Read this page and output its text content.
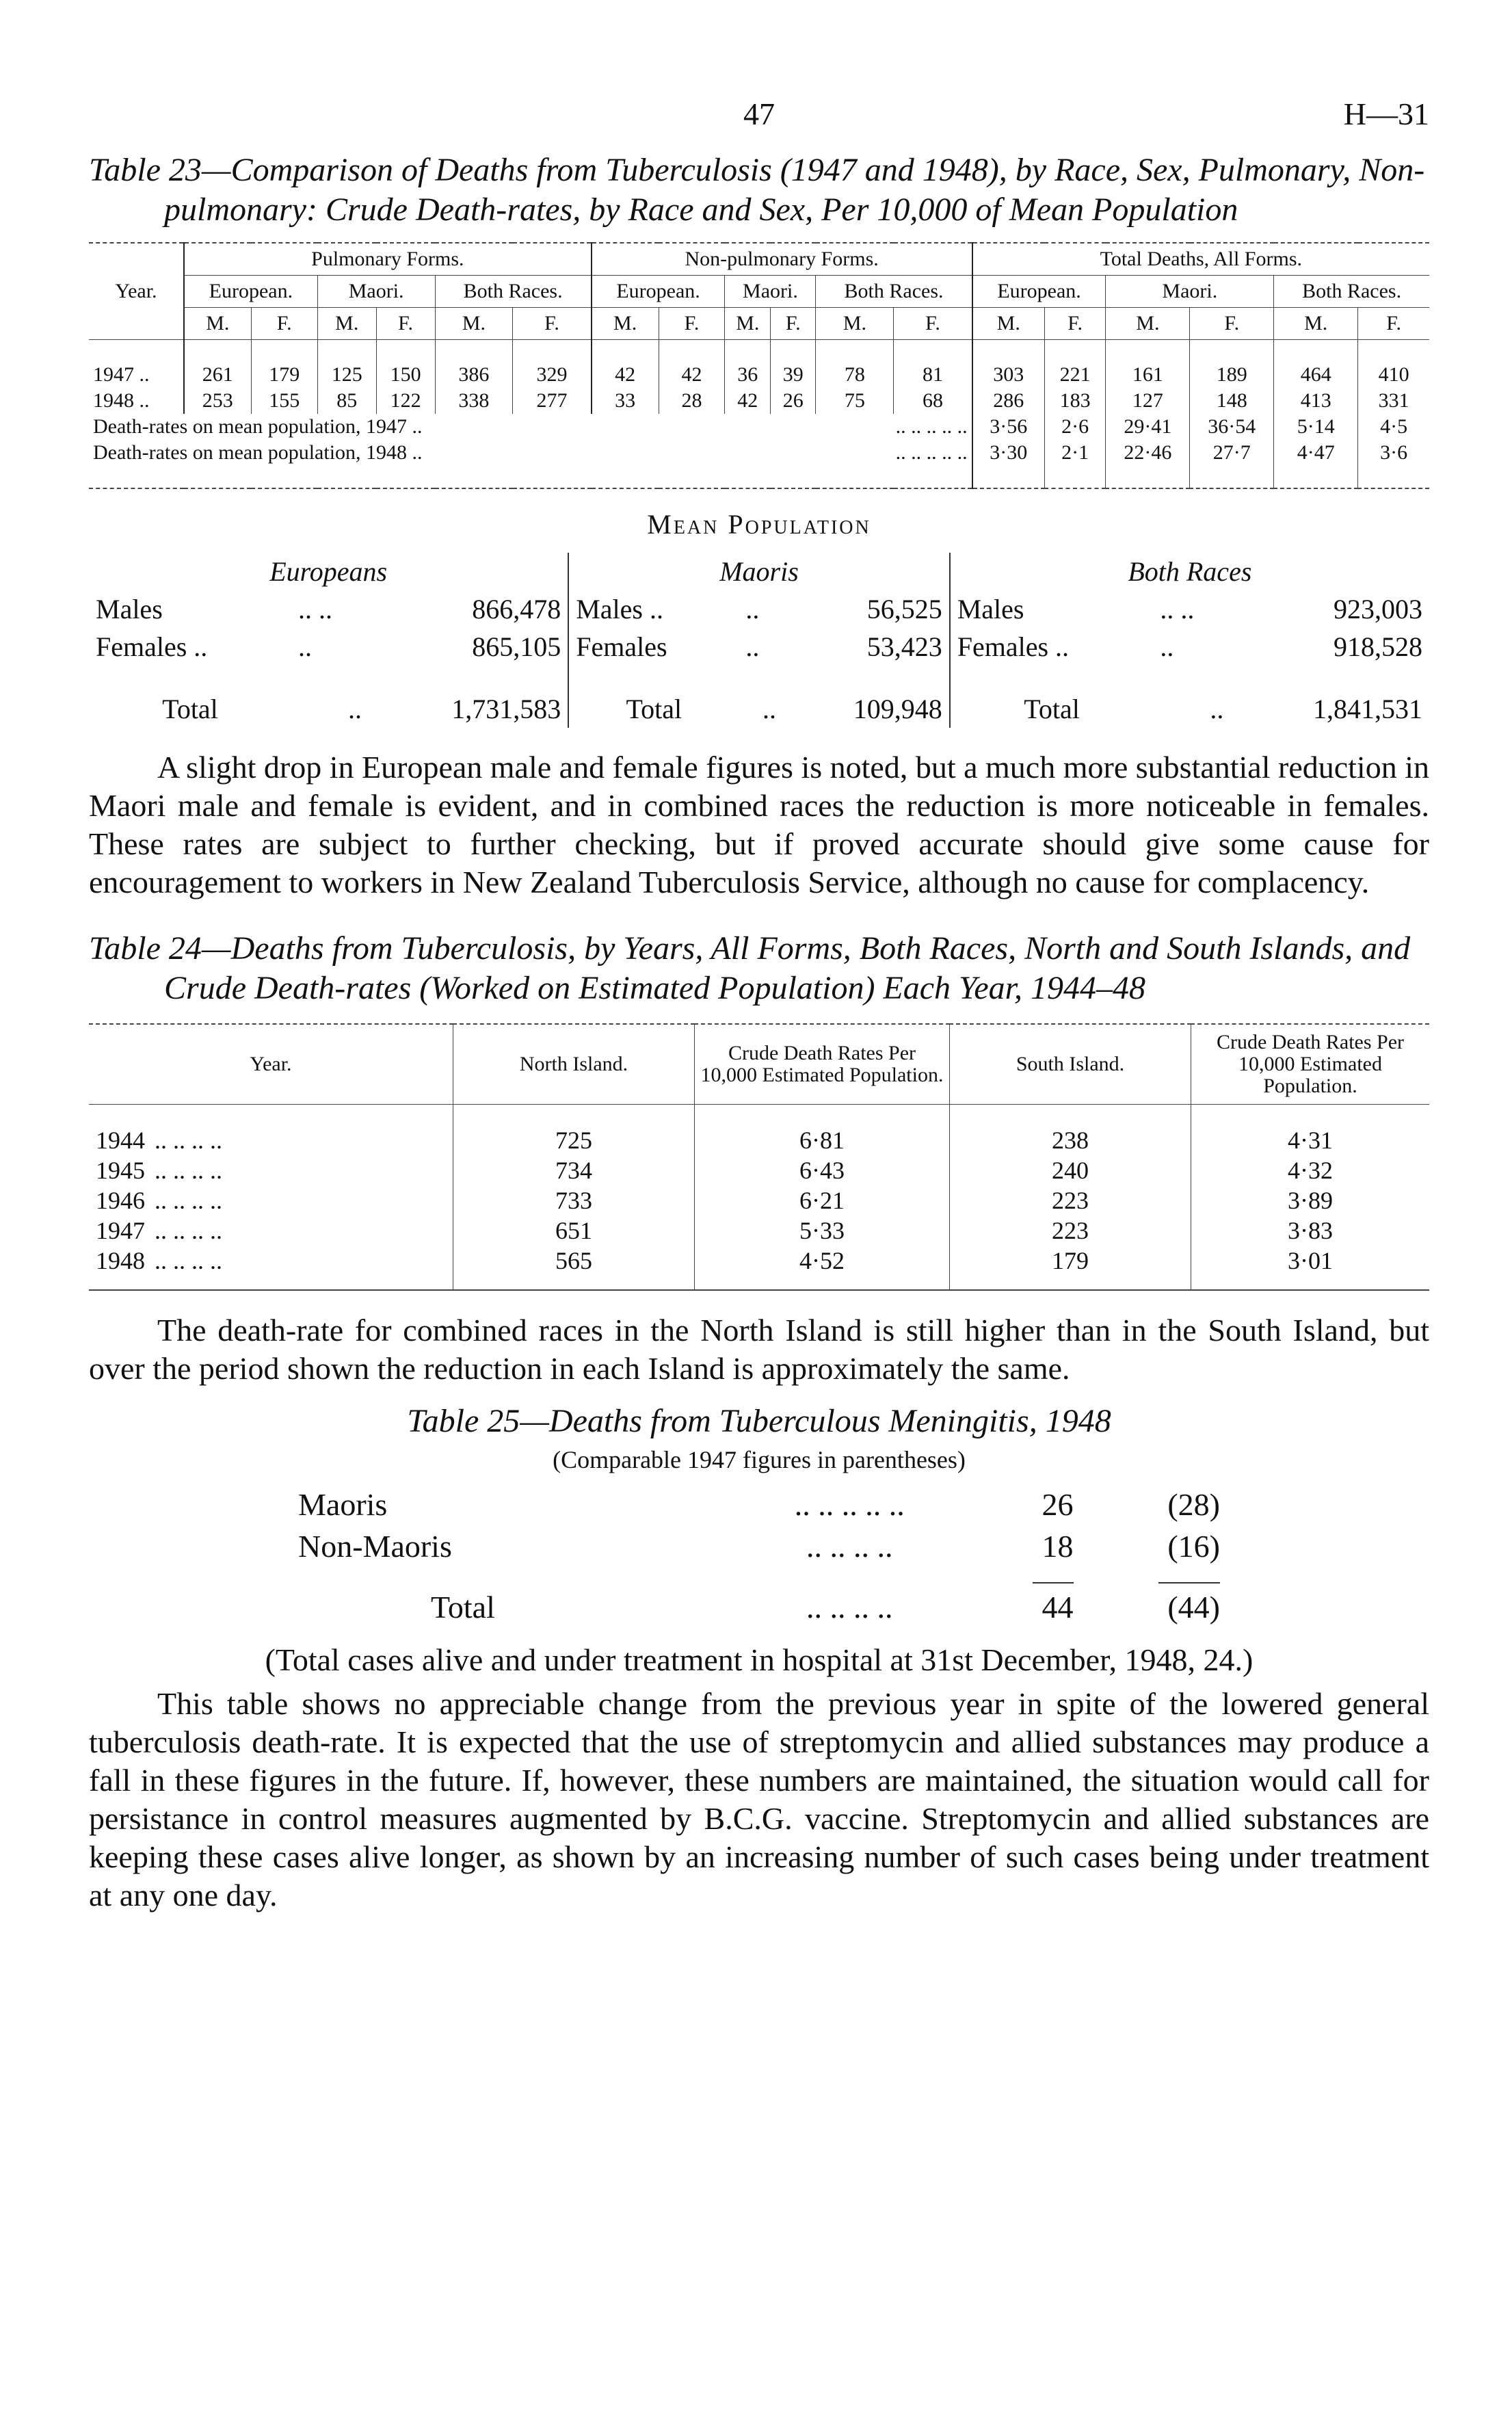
47	H—31
Table 23—Comparison of Deaths from Tuberculosis (1947 and 1948), by Race, Sex, Pulmonary, Non-pulmonary: Crude Death-rates, by Race and Sex, Per 10,000 of Mean Population
Year.	Pulmonary Forms.						Non-pulmonary Forms.						Total Deaths, All Forms.					
	European.		Maori.		Both Races.		European.		Maori.		Both Races.		European.		Maori.		Both Races.	
	M.	F.	M.	F.	M.	F.	M.	F.	M.	F.	M.	F.	M.	F.	M.	F.	M.	F.
1947 ..	261	179	125	150	386	329	42	42	36	39	78	81	303	221	161	189	464	410
1948 ..	253	155	85	122	338	277	33	28	42	26	75	68	286	183	127	148	413	331
Death-rates on mean population, 1947 ..							.. .. .. .. ..						3·56	2·6	29·41	36·54	5·14	4·5
Death-rates on mean population, 1948 ..							.. .. .. .. ..						3·30	2·1	22·46	27·7	4·47	3·6
Mean Population
Europeans			Maoris			Both Races		
Males	.. ..	866,478	Males ..	..	56,525	Males	.. ..	923,003
Females ..	..	865,105	Females	..	53,423	Females ..	..	918,528
Total	..	1,731,583	Total	..	109,948	Total	..	1,841,531

A slight drop in European male and female figures is noted, but a much more substantial reduction in Maori male and female is evident, and in combined races the reduction is more noticeable in females. These rates are subject to further checking, but if proved accurate should give some cause for encouragement to workers in New Zealand Tuberculosis Service, although no cause for complacency.

Table 24—Deaths from Tuberculosis, by Years, All Forms, Both Races, North and South Islands, and Crude Death-rates (Worked on Estimated Population) Each Year, 1944–48
Year.	North Island.	Crude Death Rates Per 10,000 Estimated Population.	South Island.	Crude Death Rates Per 10,000 Estimated Population.
1944 .. .. .. ..	725	6·81	238	4·31
1945 .. .. .. ..	734	6·43	240	4·32
1946 .. .. .. ..	733	6·21	223	3·89
1947 .. .. .. ..	651	5·33	223	3·83
1948 .. .. .. ..	565	4·52	179	3·01

The death-rate for combined races in the North Island is still higher than in the South Island, but over the period shown the reduction in each Island is approximately the same.

Table 25—Deaths from Tuberculous Meningitis, 1948
(Comparable 1947 figures in parentheses)
Maoris	.. .. .. .. ..	26	(28)
Non-Maoris	.. .. .. ..	18	(16)

Total	.. .. .. ..	44	(44)
(Total cases alive and under treatment in hospital at 31st December, 1948, 24.)

This table shows no appreciable change from the previous year in spite of the lowered general tuberculosis death-rate. It is expected that the use of streptomycin and allied substances may produce a fall in these figures in the future. If, however, these numbers are maintained, the situation would call for persistance in control measures augmented by B.C.G. vaccine. Streptomycin and allied substances are keeping these cases alive longer, as shown by an increasing number of such cases being under treatment at any one day.
